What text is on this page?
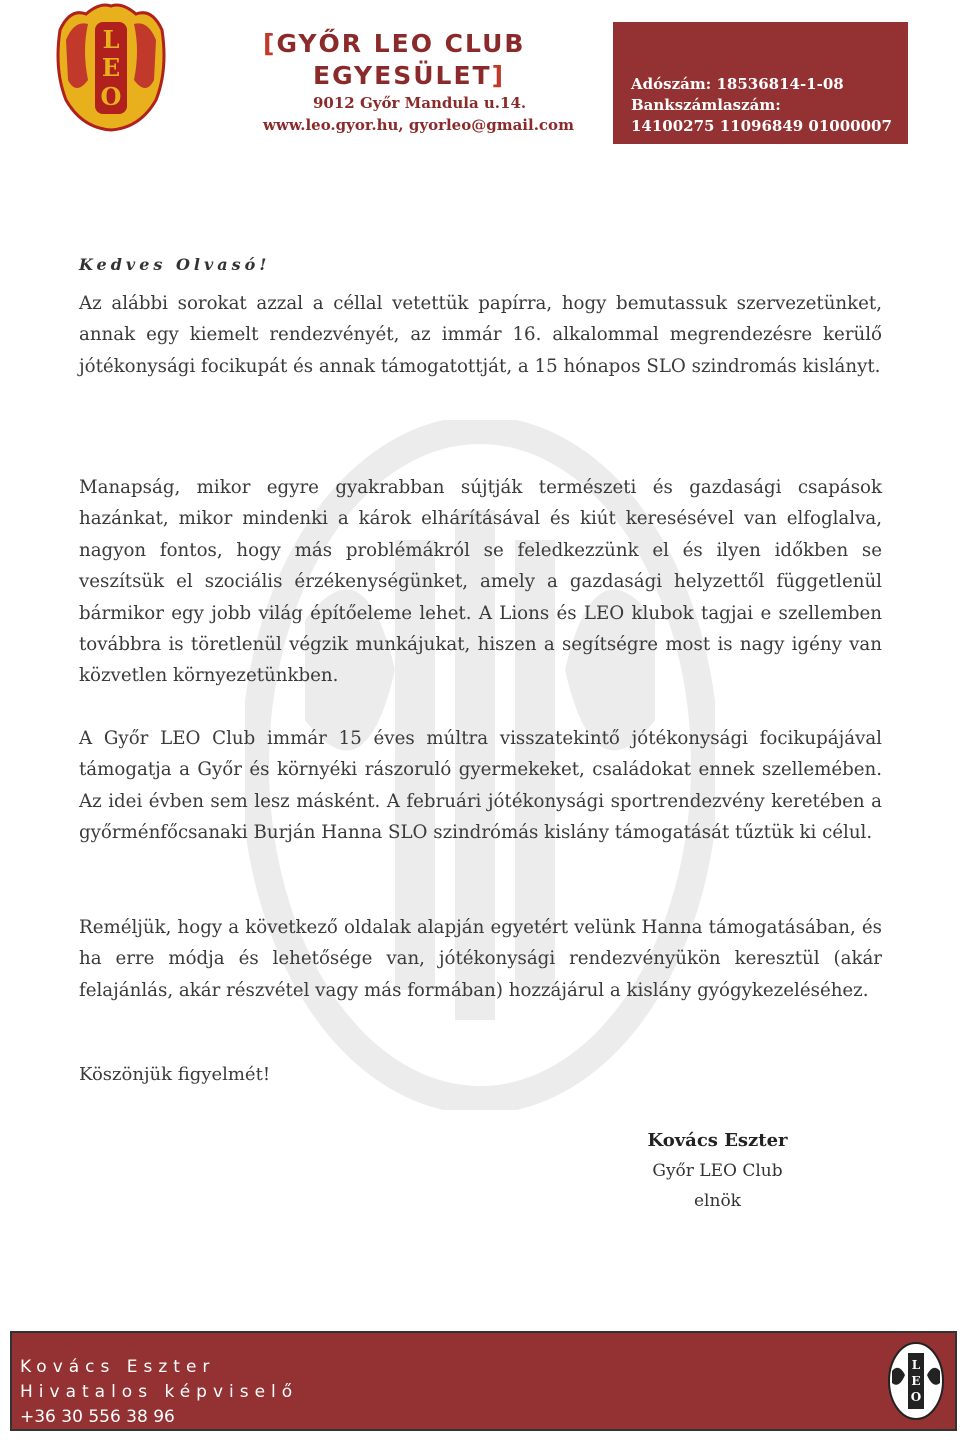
L
E
O
[GYŐR LEO CLUB
EGYESÜLET]
9012 Győr Mandula u.14.
www.leo.gyor.hu, gyorleo@gmail.com
Adószám: 18536814-1-08
Bankszámlaszám:
14100275 11096849 01000007
Kedves Olvasó!
Az alábbi sorokat azzal a céllal vetettük papírra, hogy bemutassuk szervezetünket, annak egy kiemelt rendezvényét, az immár 16. alkalommal megrendezésre kerülő jótékonysági focikupát és annak támogatottját, a 15 hónapos SLO szindromás kislányt.
Manapság, mikor egyre gyakrabban sújtják természeti és gazdasági csapások hazánkat, mikor mindenki a károk elhárításával és kiút keresésével van elfoglalva, nagyon fontos, hogy más problémákról se feledkezzünk el és ilyen időkben se veszítsük el szociális érzékenységünket, amely a gazdasági helyzettől függetlenül bármikor egy jobb világ építőeleme lehet. A Lions és LEO klubok tagjai e szellemben továbbra is töretlenül végzik munkájukat, hiszen a segítségre most is nagy igény van közvetlen környezetünkben.
A Győr LEO Club immár 15 éves múltra visszatekintő jótékonysági focikupájával támogatja a Győr és környéki rászoruló gyermekeket, családokat ennek szellemében. Az idei évben sem lesz másként. A februári jótékonysági sportrendezvény keretében a győrménfőcsanaki Burján Hanna SLO szindrómás kislány támogatását tűztük ki célul.
Reméljük, hogy a következő oldalak alapján egyetért velünk Hanna támogatásában, és ha erre módja és lehetősége van, jótékonysági rendezvényükön keresztül (akár felajánlás, akár részvétel vagy más formában) hozzájárul a kislány gyógykezeléséhez.
Köszönjük figyelmét!
Kovács Eszter
Győr LEO Club
elnök
Kovács Eszter
Hivatalos képviselő
+36 30 556 38 96
L
E
O
